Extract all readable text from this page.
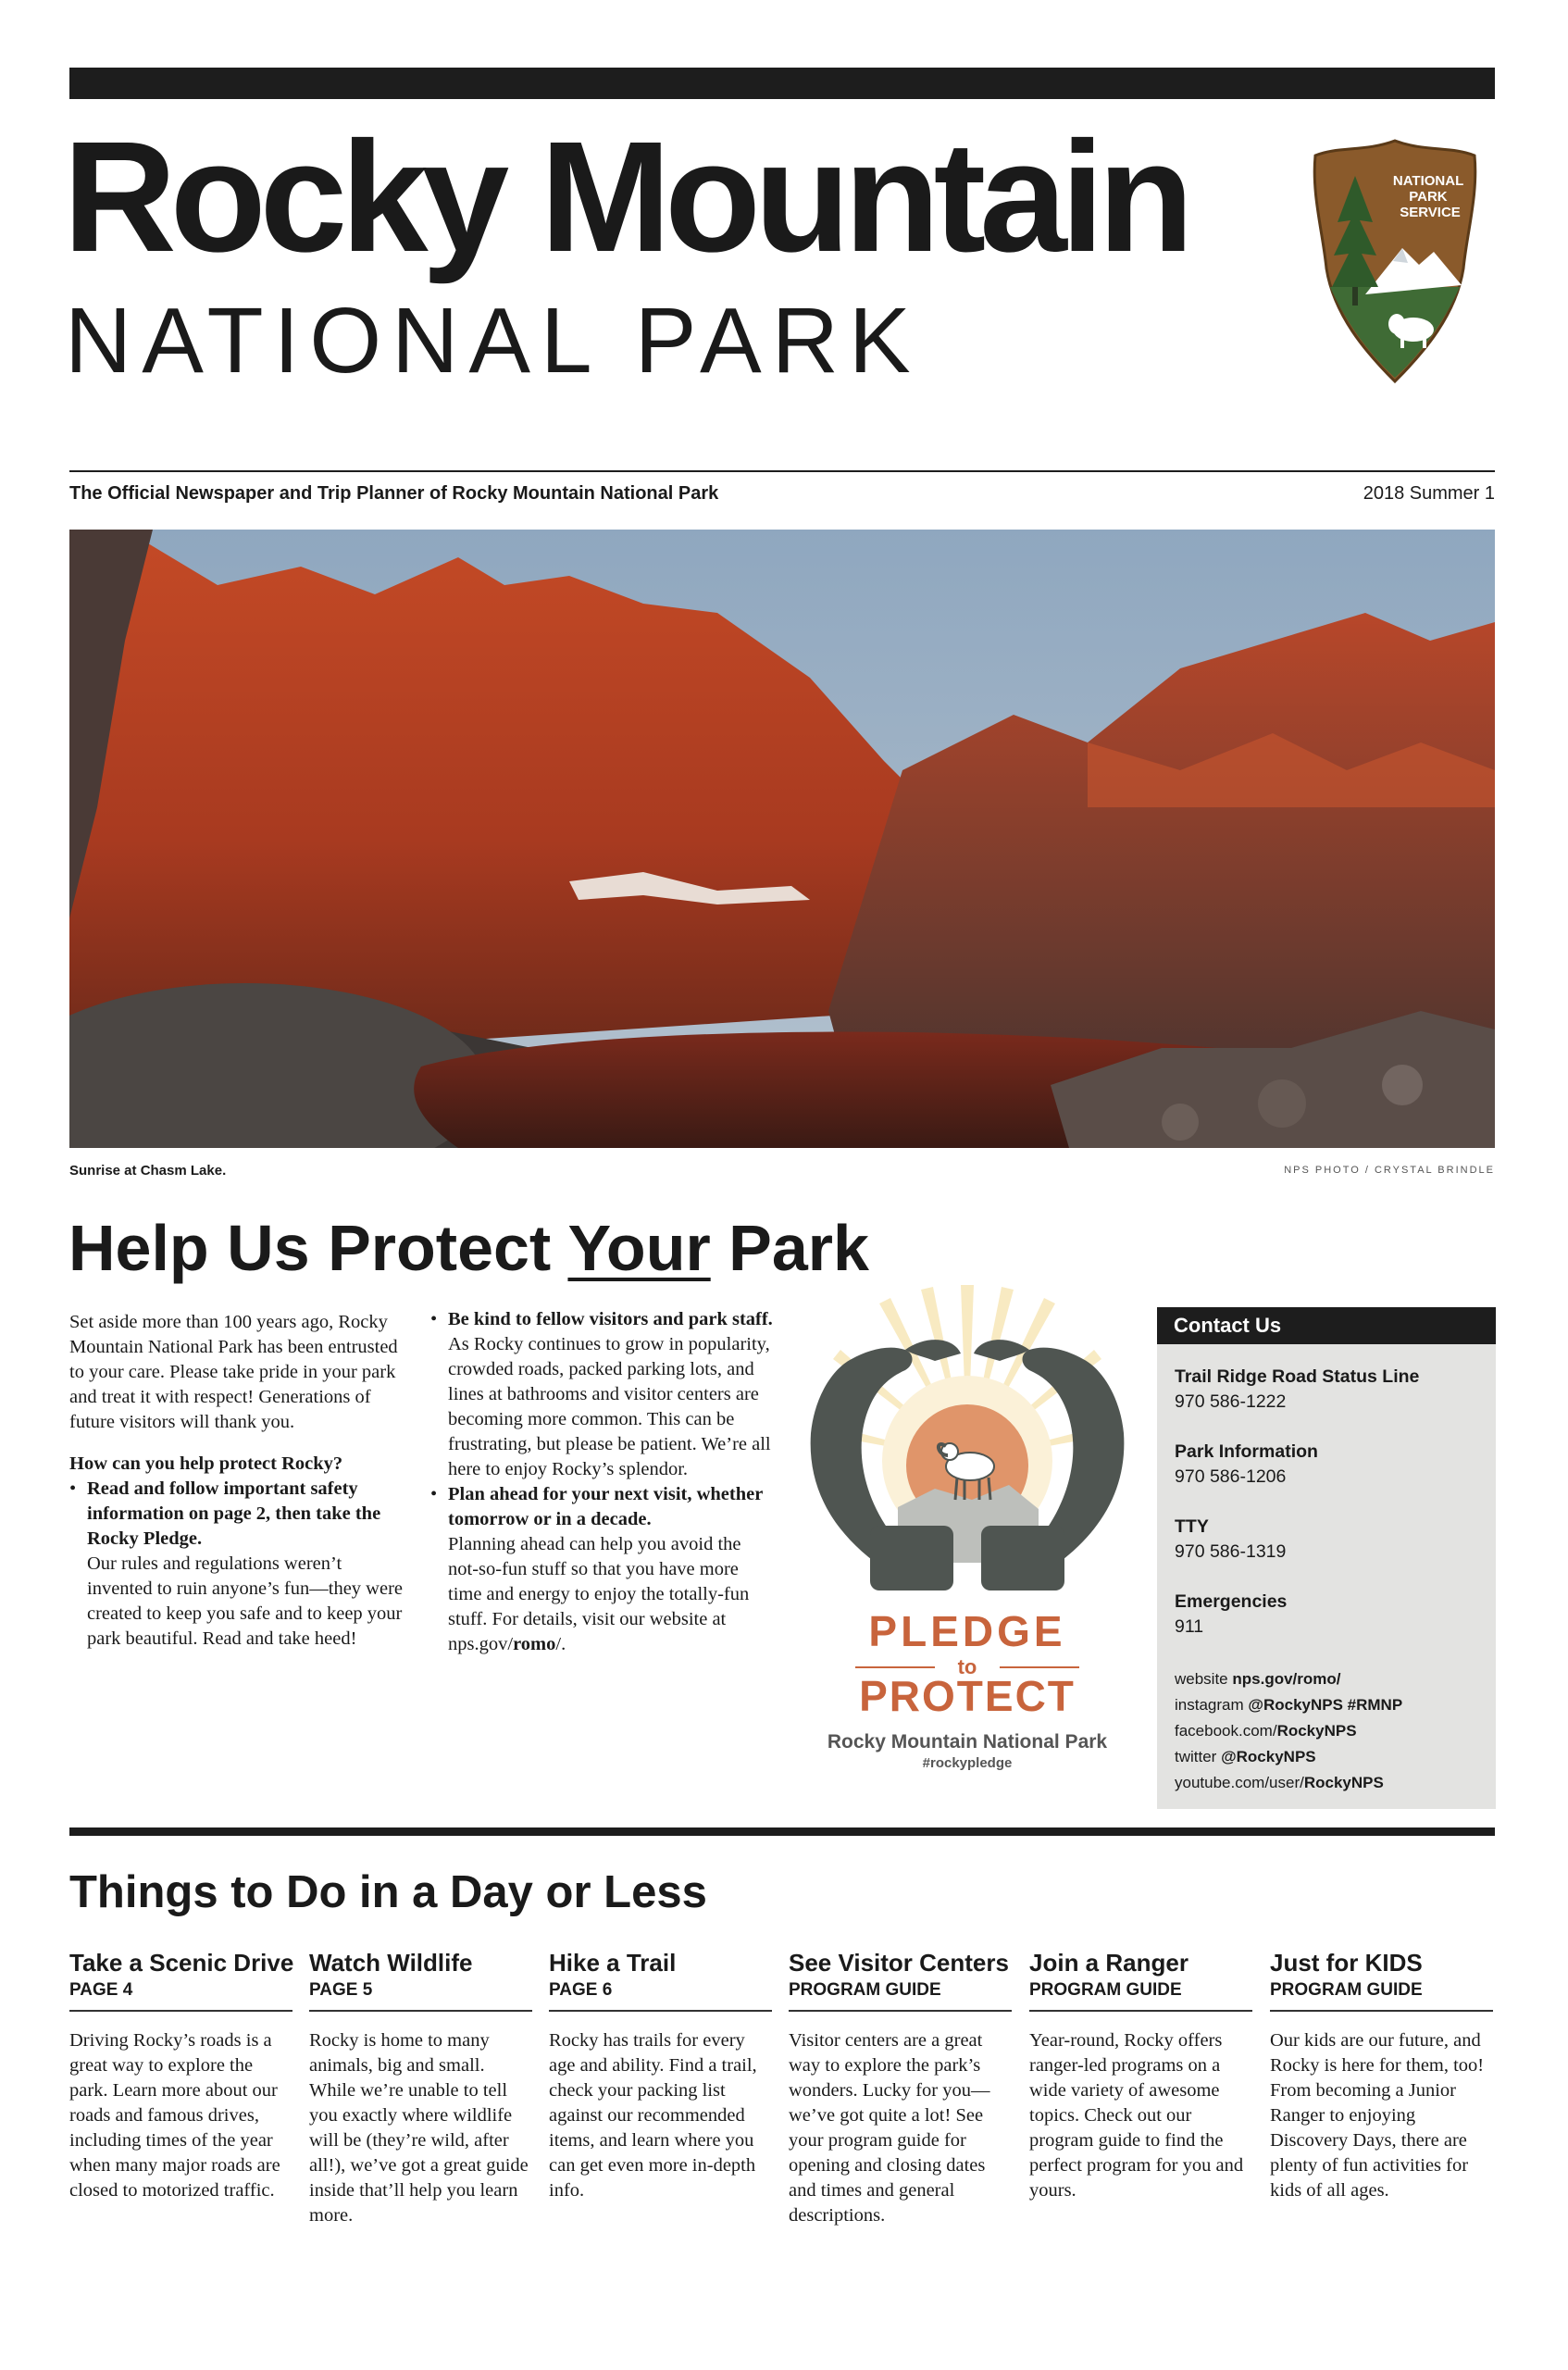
Rocky Mountain
NATIONAL PARK
NATIONAL PARK SERVICE
The Official Newspaper and Trip Planner of Rocky Mountain National Park	2018 Summer 1
Sunrise at Chasm Lake.	NPS PHOTO / CRYSTAL BRINDLE
Help Us Protect Your Park
Set aside more than 100 years ago, Rocky Mountain National Park has been entrusted to your care. Please take pride in your park and treat it with respect! Generations of future visitors will thank you.
How can you help protect Rocky?
• Read and follow important safety information on page 2, then take the Rocky Pledge.
Our rules and regulations weren’t invented to ruin anyone’s fun—they were created to keep you safe and to keep your park beautiful. Read and take heed!
• Be kind to fellow visitors and park staff.
As Rocky continues to grow in popularity, crowded roads, packed parking lots, and lines at bathrooms and visitor centers are becoming more common. This can be frustrating, but please be patient. We’re all here to enjoy Rocky’s splendor.
• Plan ahead for your next visit, whether tomorrow or in a decade.
Planning ahead can help you avoid the not-so-fun stuff so that you have more time and energy to enjoy the totally-fun stuff. For details, visit our website at nps.gov/romo/.	PLEDGE
to
PROTECT
Rocky Mountain National Park
#rockypledge
Contact Us
Trail Ridge Road Status Line
970 586-1222
Park Information
970 586-1206
TTY
970 586-1319
Emergencies
911
website nps.gov/romo/
instagram @RockyNPS #RMNP
facebook.com/RockyNPS
twitter @RockyNPS
youtube.com/user/RockyNPS
Things to Do in a Day or Less
Take a Scenic Drive
PAGE 4
Driving Rocky’s roads is a great way to explore the park. Learn more about our roads and famous drives, including times of the year when many major roads are closed to motorized traffic.
Watch Wildlife
PAGE 5
Rocky is home to many animals, big and small. While we’re unable to tell you exactly where wildlife will be (they’re wild, after all!), we’ve got a great guide inside that’ll help you learn more.
Hike a Trail
PAGE 6
Rocky has trails for every age and ability. Find a trail, check your packing list against our recommended items, and learn where you can get even more in-depth info.
See Visitor Centers
PROGRAM GUIDE
Visitor centers are a great way to explore the park’s wonders. Lucky for you—we’ve got quite a lot! See your program guide for opening and closing dates and times and general descriptions.
Join a Ranger
PROGRAM GUIDE
Year-round, Rocky offers ranger-led programs on a wide variety of awesome topics. Check out our program guide to find the perfect program for you and yours.
Just for KIDS
PROGRAM GUIDE
Our kids are our future, and Rocky is here for them, too! From becoming a Junior Ranger to enjoying Discovery Days, there are plenty of fun activities for kids of all ages.
